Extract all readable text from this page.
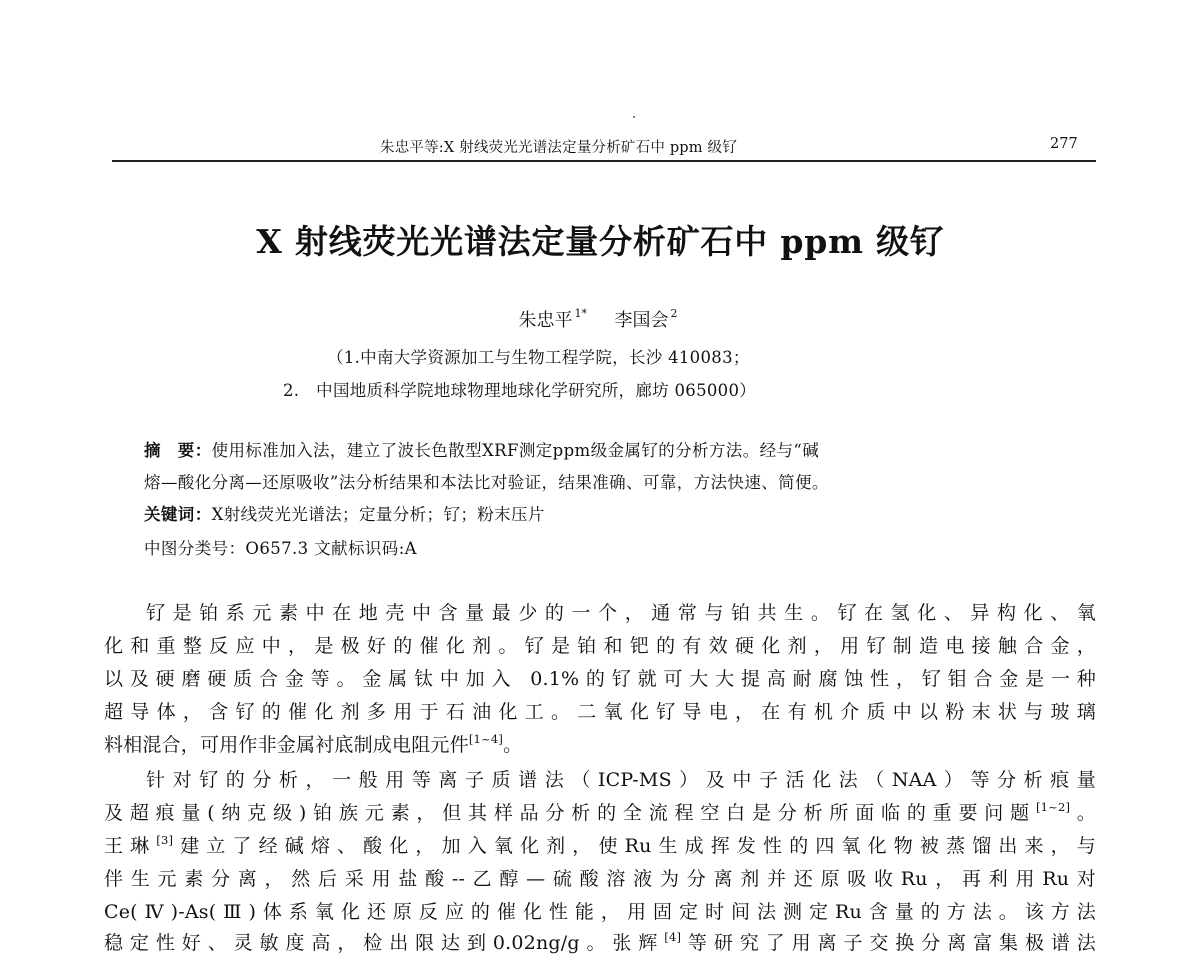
朱忠平等:X 射线荧光光谱法定量分析矿石中 ppm 级钌	277
X 射线荧光光谱法定量分析矿石中 ppm 级钌
朱忠平 $^{1*}$ 李国会 $^2$
（1.中南大学资源加工与生物工程学院，长沙 410083；
2.　中国地质科学院地球物理地球化学研究所，廊坊 065000）
摘　要：使用标准加入法，建立了波长色散型XRF测定ppm级金属钌的分析方法。经与“碱
熔—酸化分离—还原吸收”法分析结果和本法比对验证，结果准确、可靠，方法快速、简便。
关键词：X射线荧光光谱法；定量分析；钌；粉末压片
中图分类号：O657.3 文献标识码:A
钌是铂系元素中在地壳中含量最少的一个，通常与铂共生。钌在氢化、异构化、氧
化和重整反应中，是极好的催化剂。钌是铂和钯的有效硬化剂，用钌制造电接触合金，
以及硬磨硬质合金等。金属钛中加入 0.1%的钌就可大大提高耐腐蚀性，钌钼合金是一种
超导体，含钌的催化剂多用于石油化工。二氧化钌导电，在有机介质中以粉末状与玻璃
料相混合，可用作非金属衬底制成电阻元件[1~4]。
针对钌的分析，一般用等离子质谱法（ICP-MS）及中子活化法（NAA）等分析痕量
及超痕量(纳克级)铂族元素，但其样品分析的全流程空白是分析所面临的重要问题[1~2]。
王琳[3]建立了经碱熔、酸化，加入氧化剂，使Ru生成挥发性的四氧化物被蒸馏出来，与
伴生元素分离，然后采用盐酸--乙醇—硫酸溶液为分离剂并还原吸收Ru，再利用Ru对
Ce(Ⅳ)-As(Ⅲ)体系氧化还原反应的催化性能，用固定时间法测定Ru含量的方法。该方法
稳定性好、灵敏度高，检出限达到0.02ng/g。张辉[4]等研究了用离子交换分离富集极谱法
